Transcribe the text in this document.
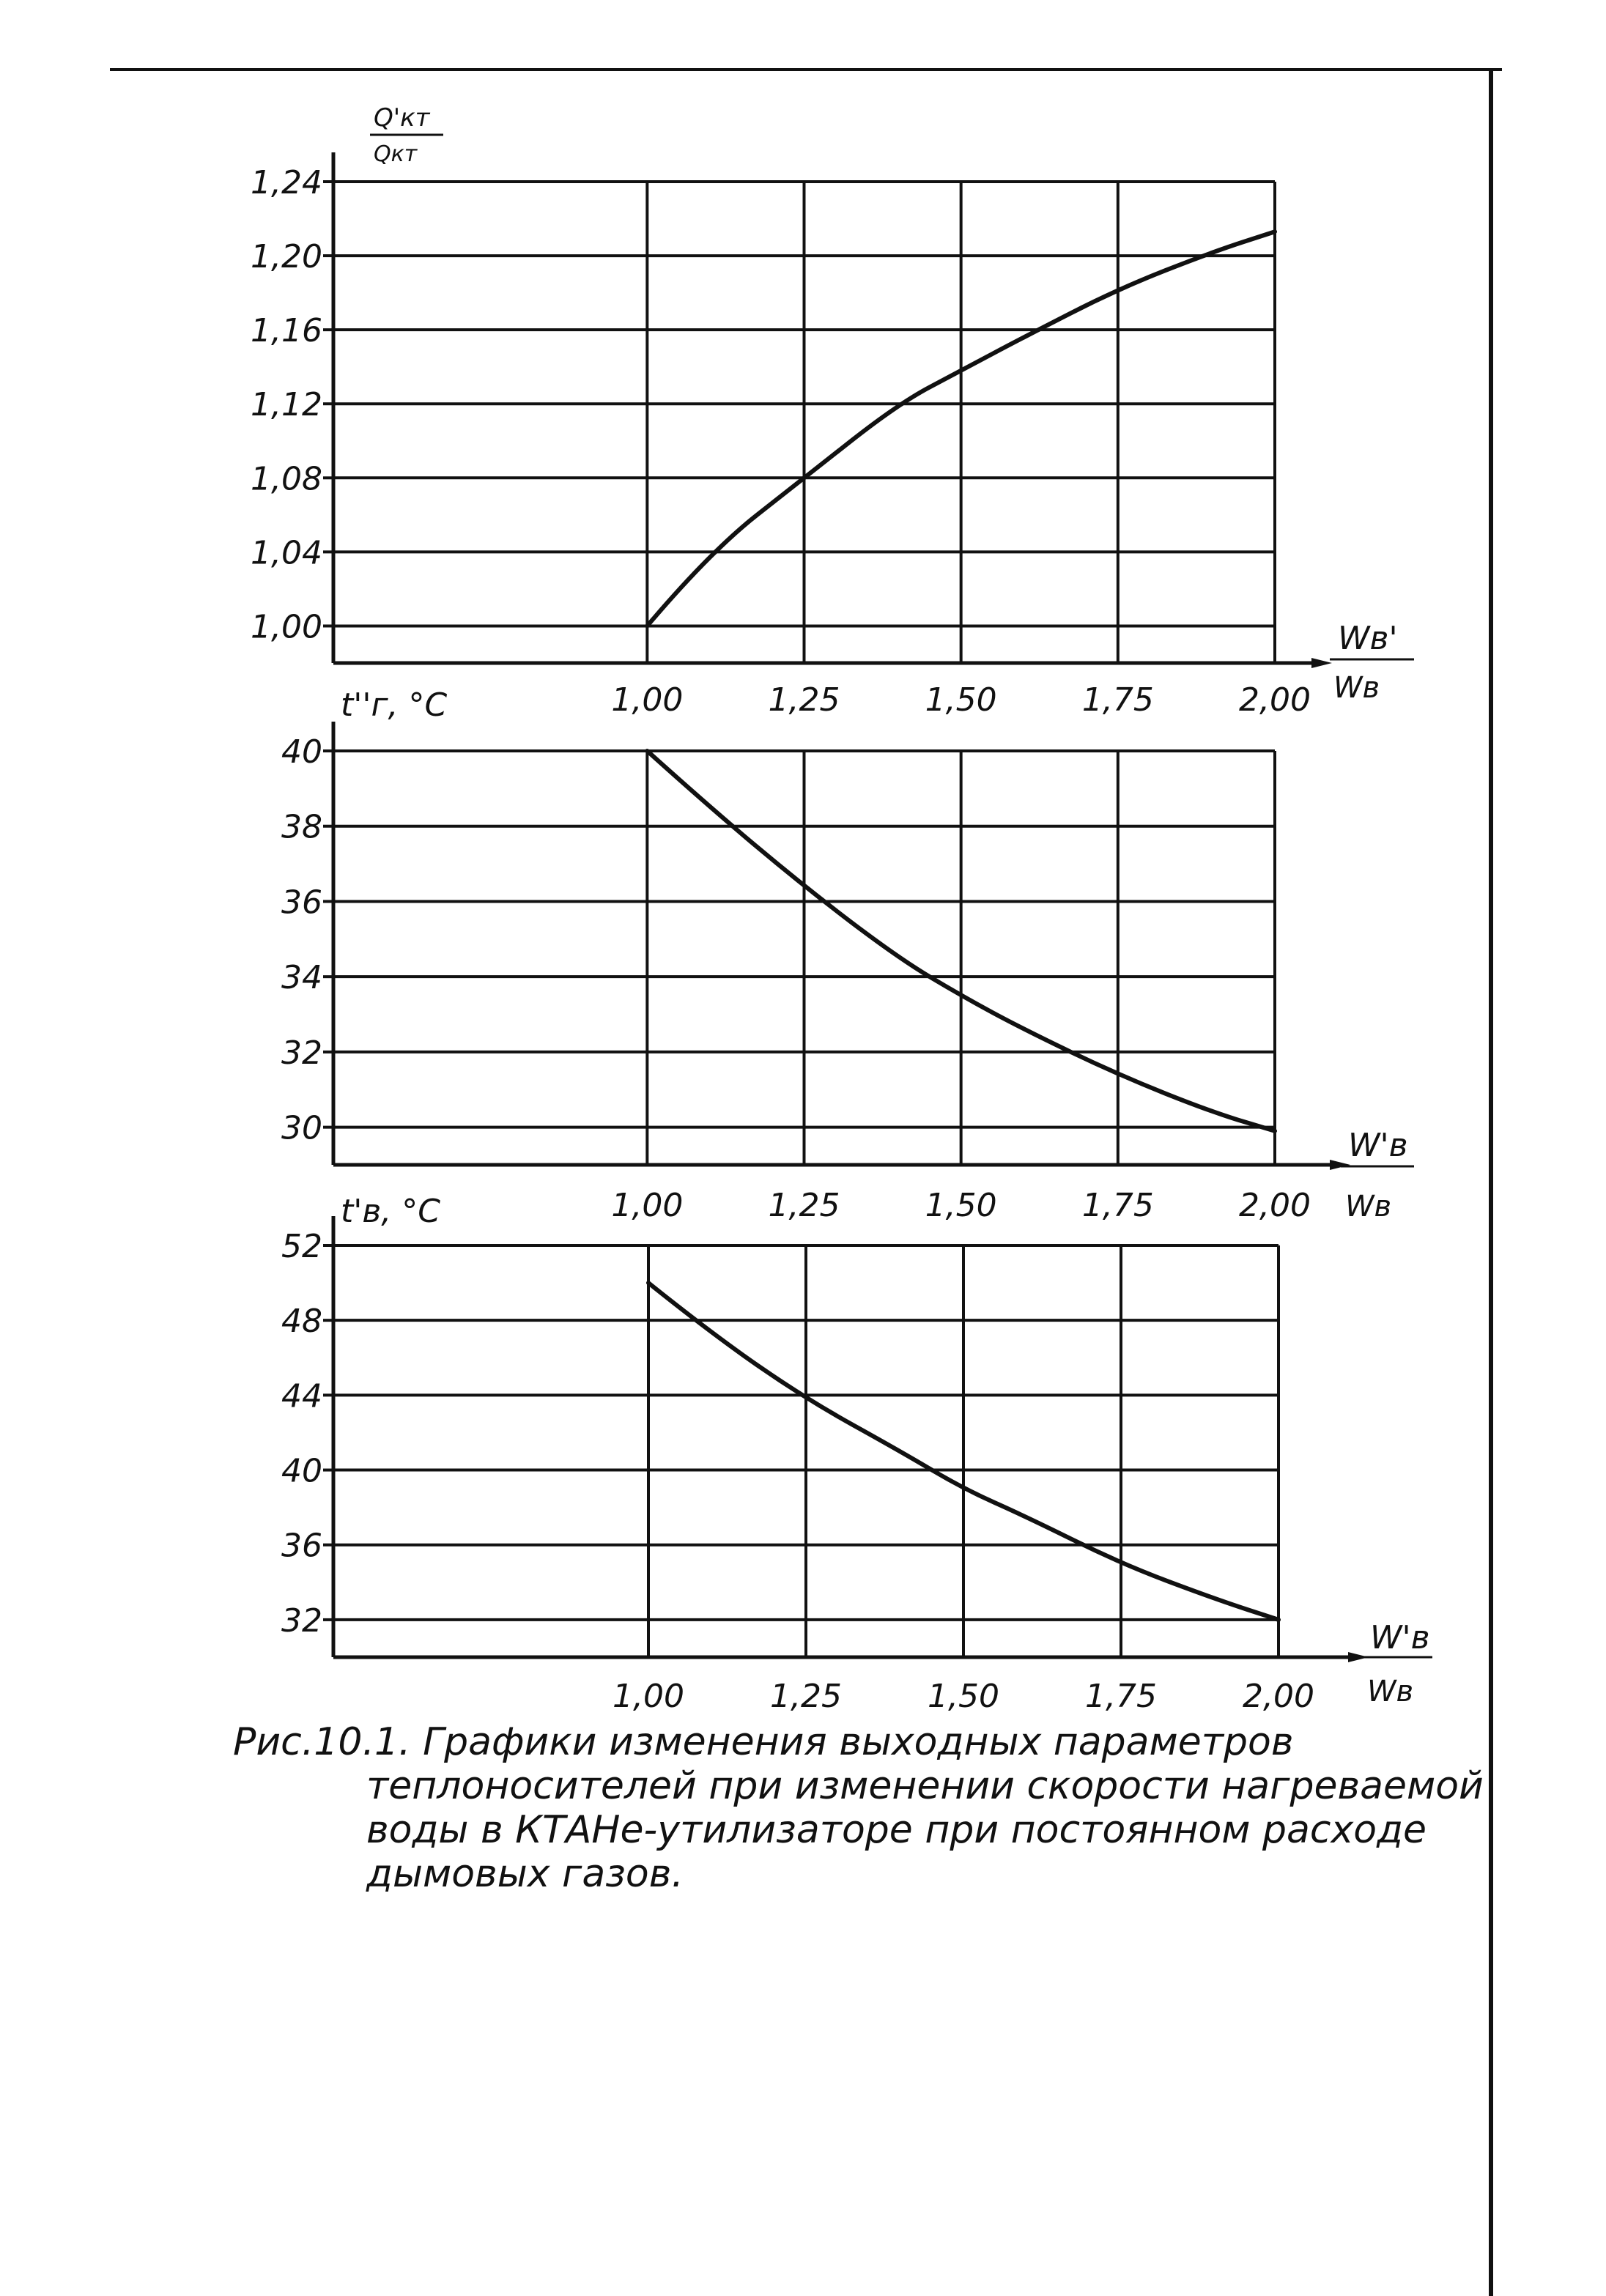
Q'кт
Qкт
Wв'
Wв
1,24
1,20
1,16
1,12
1,08
1,04
1,00
1,00	1,25	1,50	1,75	2,00
t''г, °C
W'в
Wв
40
38
36
34
32
30
1,00	1,25	1,50	1,75	2,00
t'в, °C
W'в
Wв
52
48
44
40
36
32
1,00	1,25	1,50	1,75	2,00
Рис.10.1. Графики изменения выходных параметров
теплоносителей при изменении скорости нагреваемой
воды в КТАНе-утилизаторе при постоянном расходе
дымовых газов.
